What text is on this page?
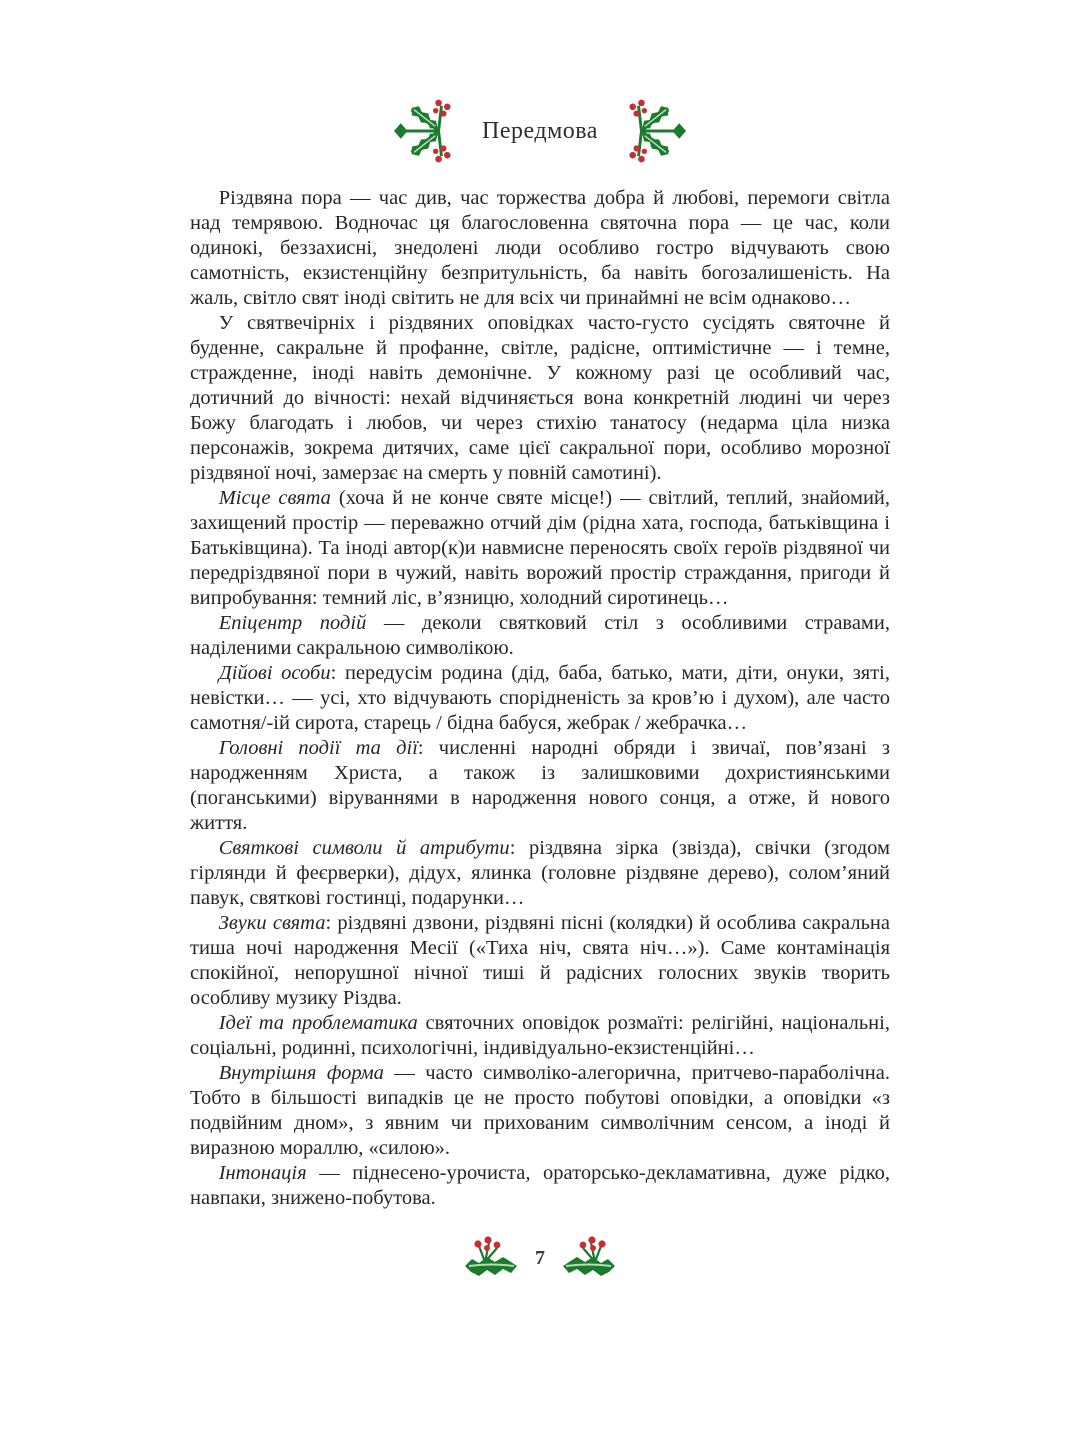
Передмова

Різдвяна пора — час див, час торжества добра й любові, перемоги світла над темрявою. Водночас ця благословенна святочна пора — це час, коли одинокі, беззахисні, знедолені люди особливо гостро відчувають свою самотність, екзистенційну безпритульність, ба навіть богозалишеність. На жаль, світло свят іноді світить не для всіх чи принаймні не всім однаково…

У святвечірніх і різдвяних оповідках часто-густо сусідять святочне й буденне, сакральне й профанне, світле, радісне, оптимістичне — і темне, стражденне, іноді навіть демонічне. У кожному разі це особливий час, дотичний до вічності: нехай відчиняється вона конкретній людині чи через Божу благодать і любов, чи через стихію танатосу (недарма ціла низка персонажів, зокрема дитячих, саме цієї сакральної пори, особливо морозної різдвяної ночі, замерзає на смерть у повній самотині).

Місце свята (хоча й не конче святе місце!) — світлий, теплий, знайомий, захищений простір — переважно отчий дім (рідна хата, господа, батьківщина і Батьківщина). Та іноді автор(к)и навмисне переносять своїх героїв різдвяної чи передріздвяної пори в чужий, навіть ворожий простір страждання, пригоди й випробування: темний ліс, в’язницю, холодний сиротинець…

Епіцентр подій — деколи святковий стіл з особливими стравами, наділеними сакральною символікою.

Дійові особи: передусім родина (дід, баба, батько, мати, діти, онуки, зяті, невістки… — усі, хто відчувають спорідненість за кров’ю і духом), але часто самотня/-ій сирота, старець / бідна бабуся, жебрак / жебрачка…

Головні події та дії: численні народні обряди і звичаї, пов’язані з народженням Христа, а також із залишковими дохристиянськими (поганськими) віруваннями в народження нового сонця, а отже, й нового життя.

Святкові символи й атрибути: різдвяна зірка (звізда), свічки (згодом гірлянди й феєрверки), дідух, ялинка (головне різдвяне дерево), солом’яний павук, святкові гостинці, подарунки…

Звуки свята: різдвяні дзвони, різдвяні пісні (колядки) й особлива сакральна тиша ночі народження Месії («Тиха ніч, свята ніч…»). Саме контамінація спокійної, непорушної нічної тиші й радісних голосних звуків творить особливу музику Різдва.

Ідеї та проблематика святочних оповідок розмаїті: релігійні, національні, соціальні, родинні, психологічні, індивідуально-екзистенційні…

Внутрішня форма — часто символіко-алегорична, притчево-параболічна. Тобто в більшості випадків це не просто побутові оповідки, а оповідки «з подвійним дном», з явним чи прихованим символічним сенсом, а іноді й виразною мораллю, «силою».

Інтонація — піднесено-урочиста, ораторсько-декламативна, дуже рідко, навпаки, знижено-побутова.

7
